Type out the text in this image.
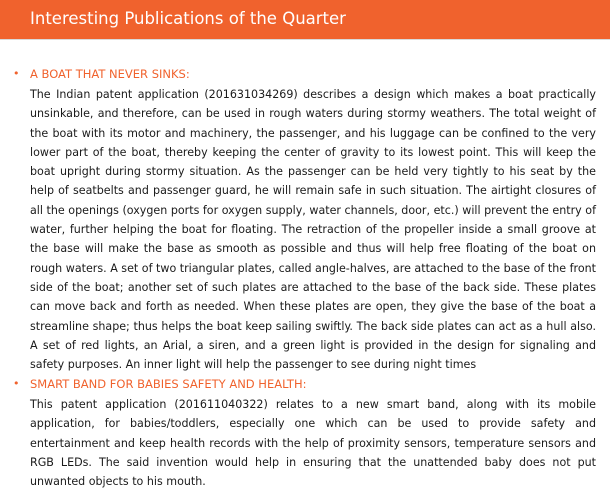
Interesting Publications of the Quarter
• A BOAT THAT NEVER SINKS:
The Indian patent application (201631034269) describes a design which makes a boat practically unsinkable, and therefore, can be used in rough waters during stormy weathers. The total weight of the boat with its motor and machinery, the passenger, and his luggage can be confined to the very lower part of the boat, thereby keeping the center of gravity to its lowest point. This will keep the boat upright during stormy situation. As the passenger can be held very tightly to his seat by the help of seatbelts and passenger guard, he will remain safe in such situation. The airtight closures of all the openings (oxygen ports for oxygen supply, water channels, door, etc.) will prevent the entry of water, further helping the boat for floating. The retraction of the propeller inside a small groove at the base will make the base as smooth as possible and thus will help free floating of the boat on rough waters. A set of two triangular plates, called angle-halves, are attached to the base of the front side of the boat; another set of such plates are attached to the base of the back side. These plates can move back and forth as needed. When these plates are open, they give the base of the boat a streamline shape; thus helps the boat keep sailing swiftly. The back side plates can act as a hull also. A set of red lights, an Arial, a siren, and a green light is provided in the design for signaling and safety purposes. An inner light will help the passenger to see during night times
• SMART BAND FOR BABIES SAFETY AND HEALTH:
This patent application (201611040322) relates to a new smart band, along with its mobile application, for babies/toddlers, especially one which can be used to provide safety and entertainment and keep health records with the help of proximity sensors, temperature sensors and RGB LEDs. The said invention would help in ensuring that the unattended baby does not put unwanted objects to his mouth.
